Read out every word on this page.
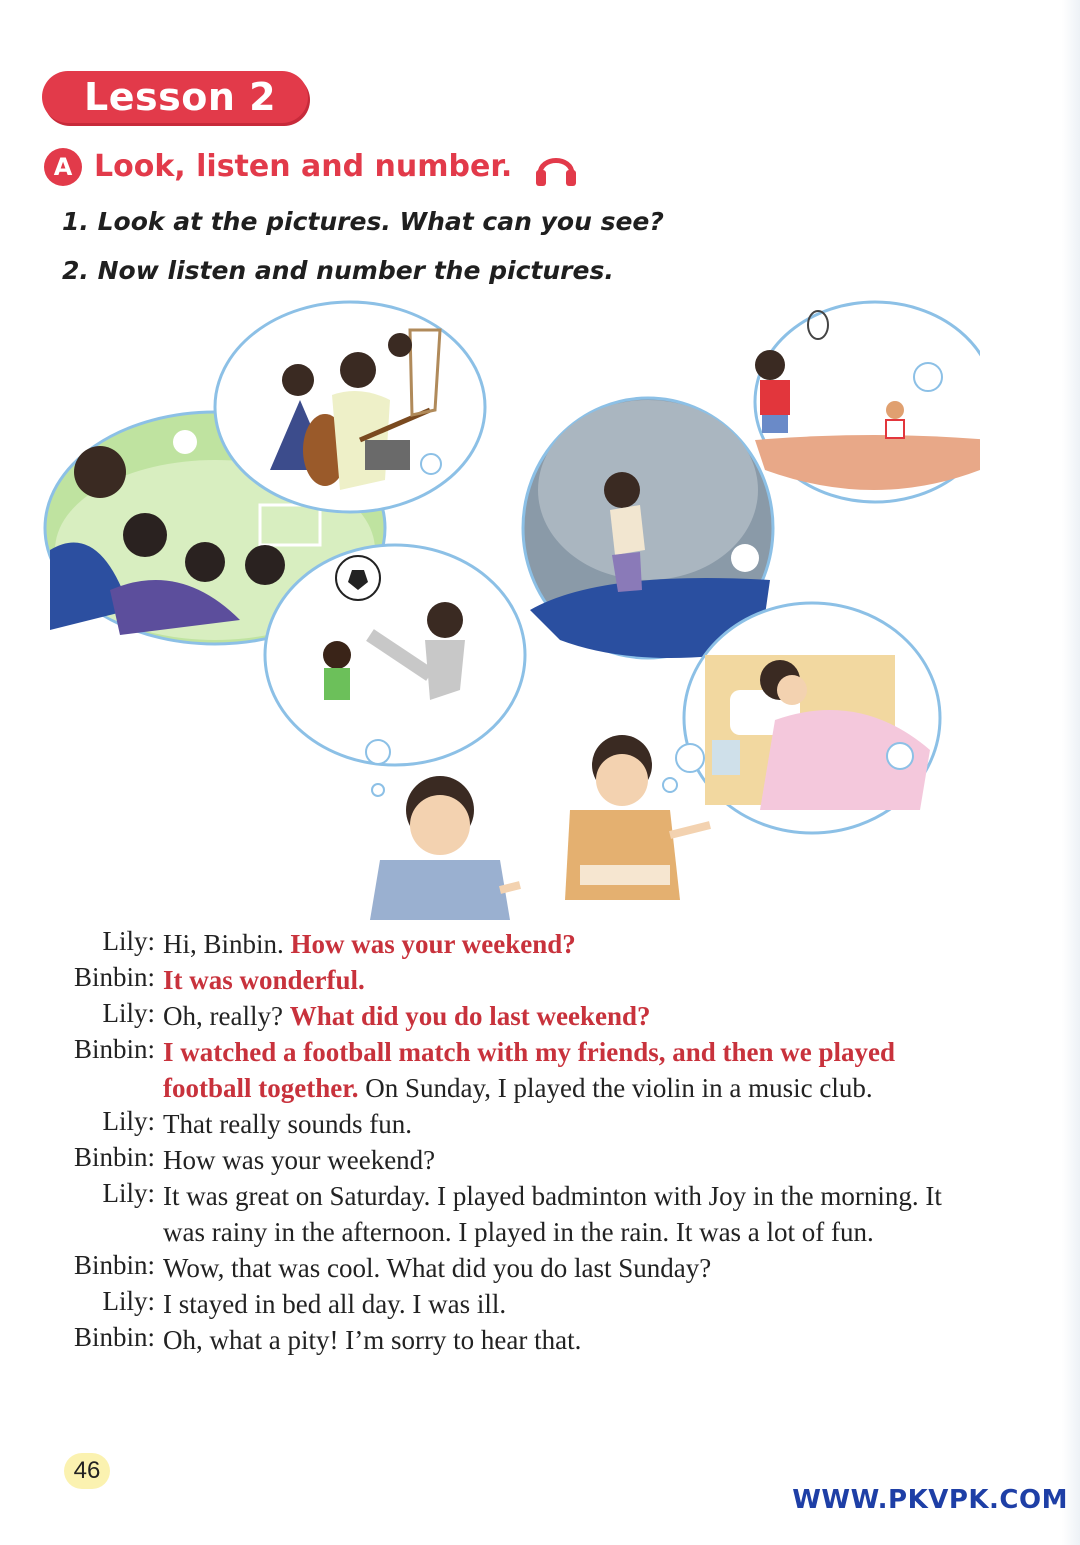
Lesson 2
A Look, listen and number.
1. Look at the pictures. What can you see?
2. Now listen and number the pictures.
Lily: Hi, Binbin. How was your weekend?
Binbin: It was wonderful.
Lily: Oh, really? What did you do last weekend?
Binbin: I watched a football match with my friends, and then we played football together. On Sunday, I played the violin in a music club.
Lily: That really sounds fun.
Binbin: How was your weekend?
Lily: It was great on Saturday. I played badminton with Joy in the morning. It was rainy in the afternoon. I played in the rain. It was a lot of fun.
Binbin: Wow, that was cool. What did you do last Sunday?
Lily: I stayed in bed all day. I was ill.
Binbin: Oh, what a pity! I’m sorry to hear that.
46
WWW.PKVPK.COM
